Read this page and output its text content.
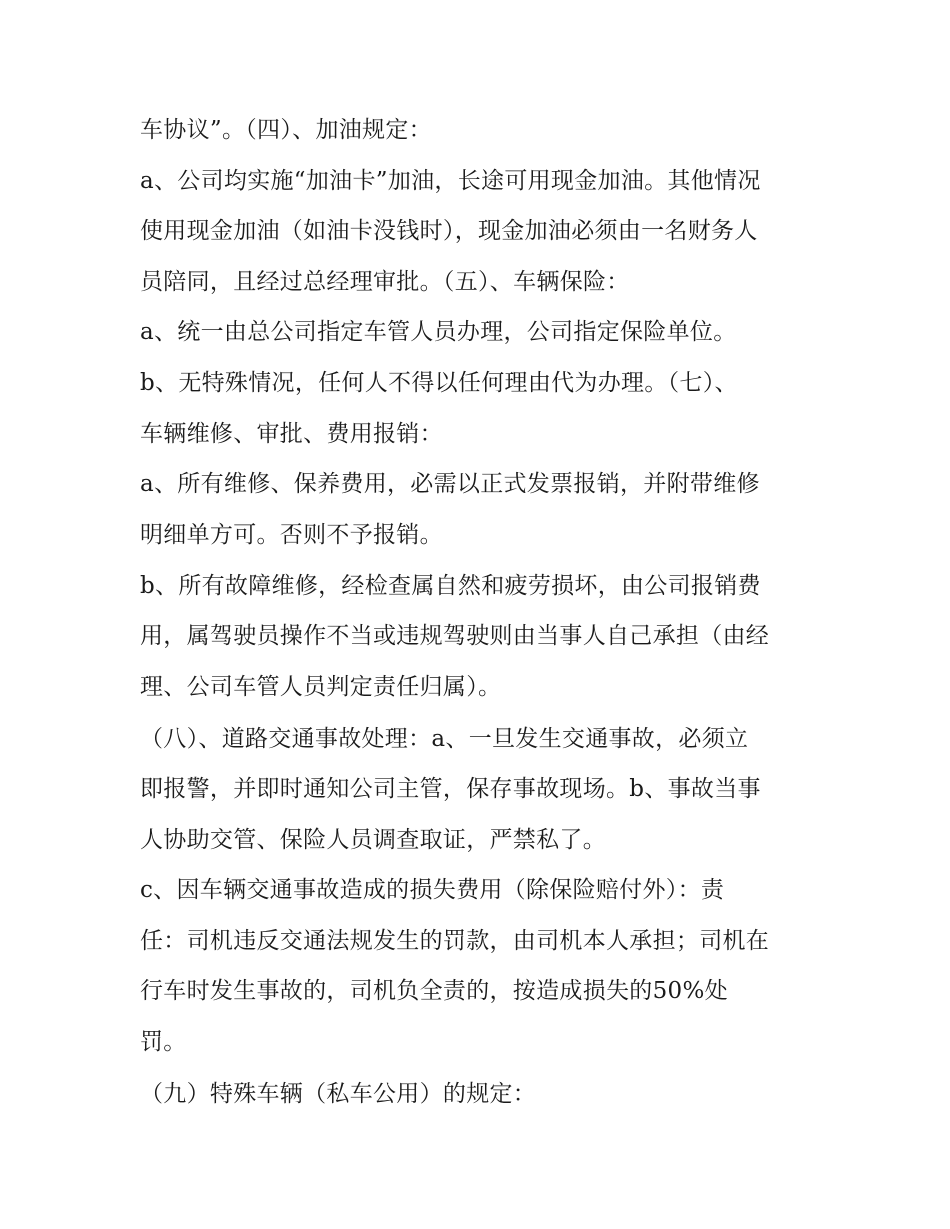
车协议”。（四）、加油规定：

a、公司均实施“加油卡”加油，长途可用现金加油。其他情况

使用现金加油（如油卡没钱时），现金加油必须由一名财务人

员陪同，且经过总经理审批。（五）、车辆保险：

a、统一由总公司指定车管人员办理，公司指定保险单位。

b、无特殊情况，任何人不得以任何理由代为办理。（七）、

车辆维修、审批、费用报销：

a、所有维修、保养费用，必需以正式发票报销，并附带维修

明细单方可。否则不予报销。

b、所有故障维修，经检查属自然和疲劳损坏，由公司报销费

用，属驾驶员操作不当或违规驾驶则由当事人自己承担（由经

理、公司车管人员判定责任归属）。

（八）、道路交通事故处理：a、一旦发生交通事故，必须立

即报警，并即时通知公司主管，保存事故现场。b、事故当事

人协助交管、保险人员调查取证，严禁私了。

c、因车辆交通事故造成的损失费用（除保险赔付外）：责

任：司机违反交通法规发生的罚款，由司机本人承担；司机在

行车时发生事故的，司机负全责的，按造成损失的50%处

罚。

（九）特殊车辆（私车公用）的规定：
